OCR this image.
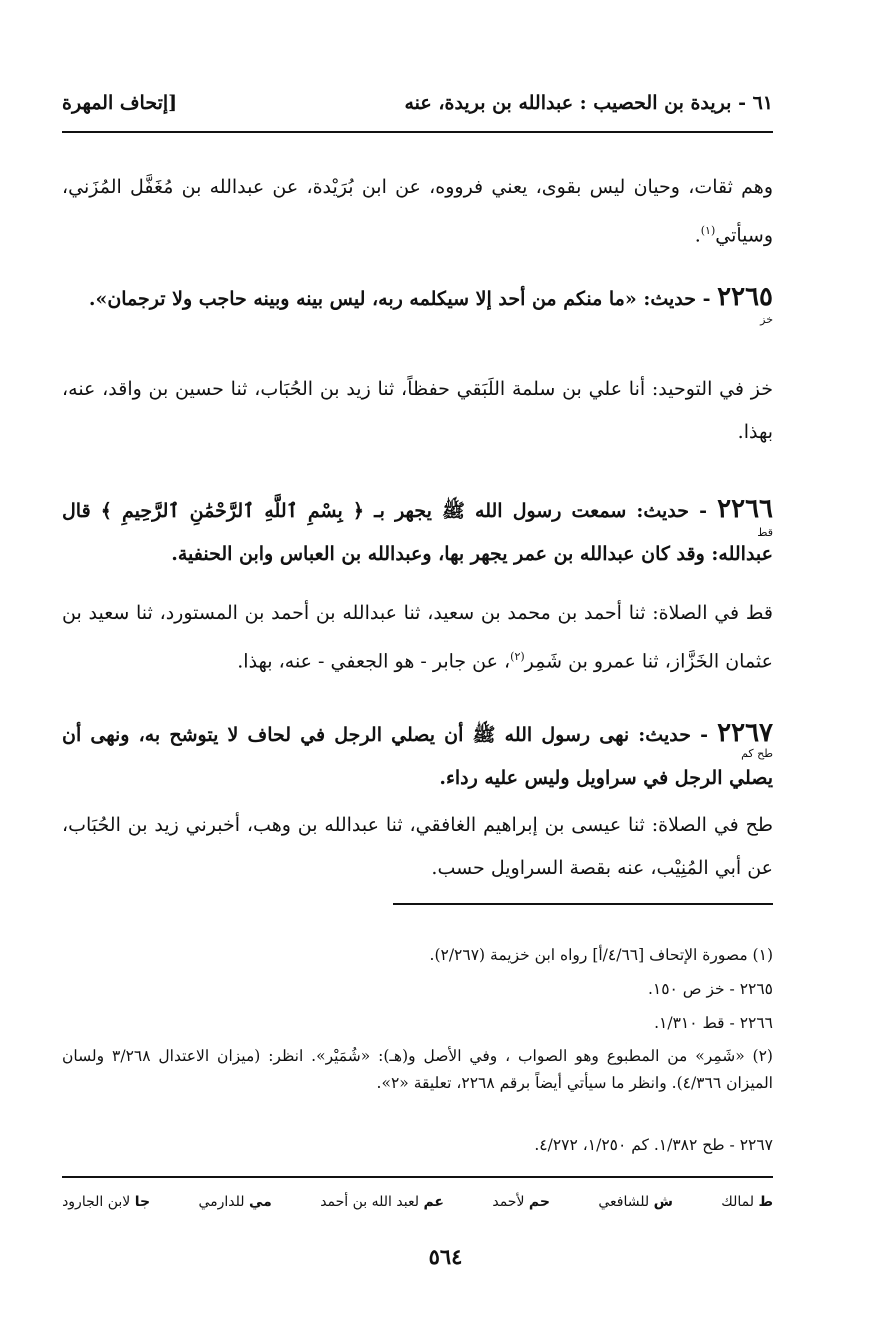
٦١ - بريدة بن الحصيب : عبدالله بن بريدة، عنه
[إتحاف المهرة
وهم ثقات، وحيان ليس بقوى، يعني فرووه، عن ابن بُرَيْدة، عن عبدالله بن مُغَفَّل المُزَني، وسيأتي$^{(١)}$.
خز
٢٢٦٥ - حديث: «ما منكم من أحد إلا سيكلمه ربه، ليس بينه وبينه حاجب ولا ترجمان».
خز في التوحيد: أنا علي بن سلمة اللَبَقي حفظاً، ثنا زيد بن الحُبَاب، ثنا حسين بن واقد، عنه، بهذا.
قط
٢٢٦٦ - حديث: سمعت رسول الله ﷺ يجهر بـ ﴿ بِسْمِ ٱللَّهِ ٱلرَّحْمَٰنِ ٱلرَّحِيمِ ﴾ قال عبدالله: وقد كان عبدالله بن عمر يجهر بها، وعبدالله بن العباس وابن الحنفية.
قط في الصلاة: ثنا أحمد بن محمد بن سعيد، ثنا عبدالله بن أحمد بن المستورد، ثنا سعيد بن عثمان الخَزَّاز، ثنا عمرو بن شَمِر$^{(٢)}$، عن جابر - هو الجعفي - عنه، بهذا.
طح كم
٢٢٦٧ - حديث: نهى رسول الله ﷺ أن يصلي الرجل في لحاف لا يتوشح به، ونهى أن يصلي الرجل في سراويل وليس عليه رداء.
طح في الصلاة: ثنا عيسى بن إبراهيم الغافقي، ثنا عبدالله بن وهب، أخبرني زيد بن الحُبَاب، عن أبي المُنِيْب، عنه بقصة السراويل حسب.
(١) مصورة الإتحاف [٤/٦٦/أ] رواه ابن خزيمة (٢/٢٦٧).
٢٢٦٥ - خز ص ١٥٠.
٢٢٦٦ - قط ١/٣١٠.
(٢) «شَمِر» من المطبوع وهو الصواب ، وفي الأصل و(هـ): «شُمَيْر». انظر: (ميزان الاعتدال ٣/٢٦٨ ولسان الميزان ٤/٣٦٦). وانظر ما سيأتي أيضاً برقم ٢٢٦٨، تعليقة «٢».
٢٢٦٧ - طح ١/٣٨٢. كم ١/٢٥٠، ٤/٢٧٢.
ط لمالك
ش للشافعي
حم لأحمد
عم لعبد الله بن أحمد
مي للدارمي
جا لابن الجارود
٥٦٤
